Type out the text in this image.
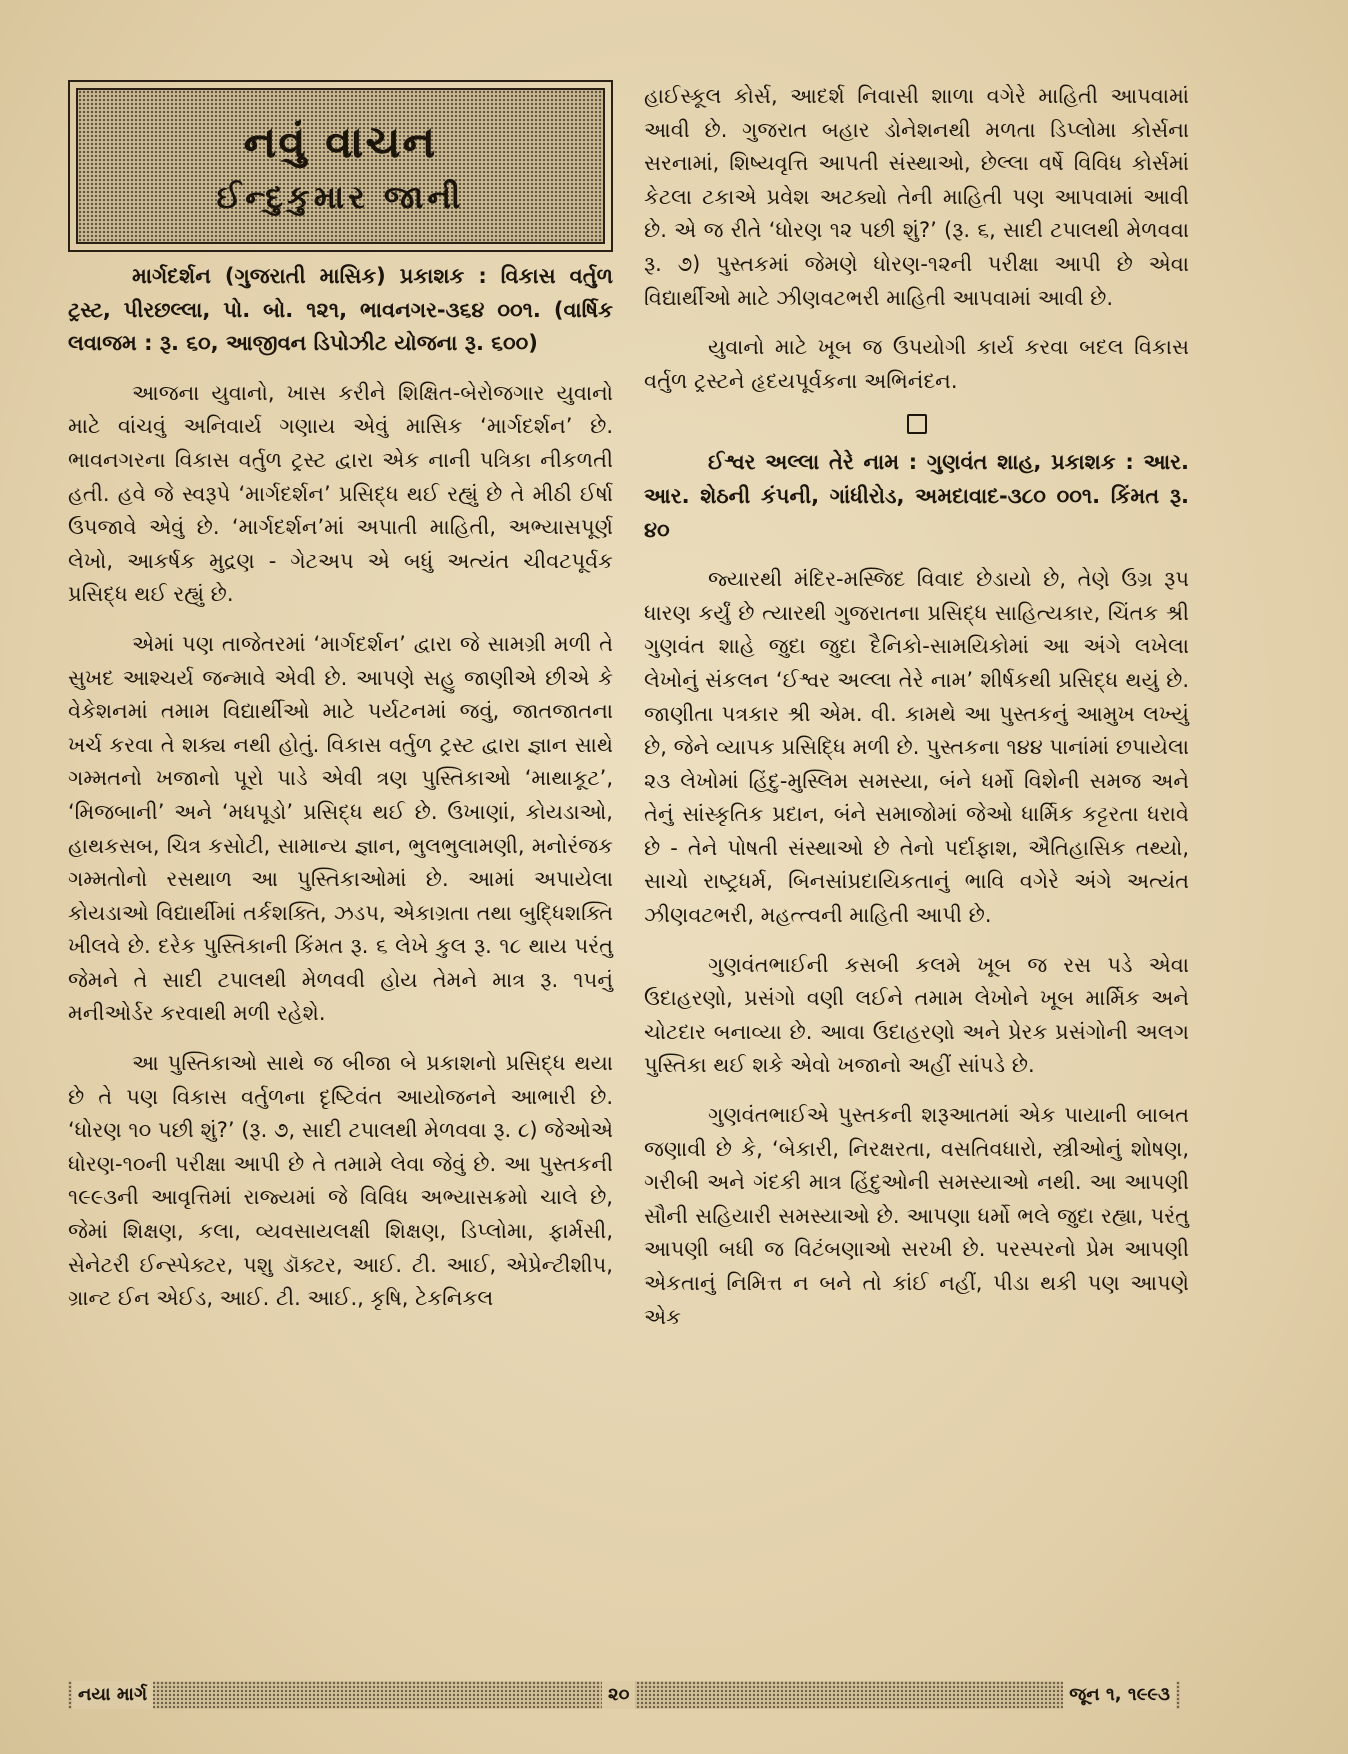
નવું વાચન
ઈન્દુકુમાર જાની

માર્ગદર્શન (ગુજરાતી માસિક) પ્રકાશક : વિકાસ વર્તુળ ટ્રસ્ટ, પીરછલ્લા, પો. બો. ૧૨૧, ભાવનગર-૩૬૪ ૦૦૧. (વાર્ષિક લવાજમ : રૂ. ૬૦, આજીવન ડિપોઝીટ યોજના રૂ. ૬૦૦)

આજના યુવાનો, ખાસ કરીને શિક્ષિત-બેરોજગાર યુવાનો માટે વાંચવું અનિવાર્ય ગણાય એવું માસિક ‘માર્ગદર્શન’ છે. ભાવનગરના વિકાસ વર્તુળ ટ્રસ્ટ દ્વારા એક નાની પત્રિકા નીકળતી હતી. હવે જે સ્વરૂપે ‘માર્ગદર્શન’ પ્રસિદ્ધ થઈ રહ્યું છે તે મીઠી ઈર્ષા ઉપજાવે એવું છે. ‘માર્ગદર્શન’માં અપાતી માહિતી, અભ્યાસપૂર્ણ લેખો, આકર્ષક મુદ્રણ - ગેટઅપ એ બધું અત્યંત ચીવટપૂર્વક પ્રસિદ્ધ થઈ રહ્યું છે.

એમાં પણ તાજેતરમાં ‘માર્ગદર્શન’ દ્વારા જે સામગ્રી મળી તે સુખદ આશ્ચર્ય જન્માવે એવી છે. આપણે સહુ જાણીએ છીએ કે વેકેશનમાં તમામ વિદ્યાર્થીઓ માટે પર્યટનમાં જવું, જાતજાતના ખર્ચ કરવા તે શક્ય નથી હોતું. વિકાસ વર્તુળ ટ્રસ્ટ દ્વારા જ્ઞાન સાથે ગમ્મતનો ખજાનો પૂરો પાડે એવી ત્રણ પુસ્તિકાઓ ‘માથાકૂટ’, ‘મિજબાની’ અને ‘મધપૂડો’ પ્રસિદ્ધ થઈ છે. ઉખાણાં, કોયડાઓ, હાથકસબ, ચિત્ર કસોટી, સામાન્ય જ્ઞાન, ભુલભુલામણી, મનોરંજક ગમ્મતોનો રસથાળ આ પુસ્તિકાઓમાં છે. આમાં અપાયેલા કોયડાઓ વિદ્યાર્થીમાં તર્કશક્તિ, ઝડપ, એકાગ્રતા તથા બુદ્ધિશક્તિ ખીલવે છે. દરેક પુસ્તિકાની કિંમત રૂ. ૬ લેખે કુલ રૂ. ૧૮ થાય પરંતુ જેમને તે સાદી ટપાલથી મેળવવી હોય તેમને માત્ર રૂ. ૧૫નું મનીઓર્ડર કરવાથી મળી રહેશે.

આ પુસ્તિકાઓ સાથે જ બીજા બે પ્રકાશનો પ્રસિદ્ધ થયા છે તે પણ વિકાસ વર્તુળના દૃષ્ટિવંત આયોજનને આભારી છે. ‘ધોરણ ૧૦ પછી શું?’ (રૂ. ૭, સાદી ટપાલથી મેળવવા રૂ. ૮) જેઓએ ધોરણ-૧૦ની પરીક્ષા આપી છે તે તમામે લેવા જેવું છે. આ પુસ્તકની ૧૯૯૩ની આવૃત્તિમાં રાજ્યમાં જે વિવિધ અભ્યાસક્રમો ચાલે છે, જેમાં શિક્ષણ, કલા, વ્યવસાયલક્ષી શિક્ષણ, ડિપ્લોમા, ફાર્મસી, સેનેટરી ઈન્સ્પેક્ટર, પશુ ડૉક્ટર, આઈ. ટી. આઈ, એપ્રેન્ટીશીપ, ગ્રાન્ટ ઈન એઈડ, આઈ. ટી. આઈ., કૃષિ, ટેકનિકલ

હાઈસ્કૂલ કોર્સ, આદર્શ નિવાસી શાળા વગેરે માહિતી આપવામાં આવી છે. ગુજરાત બહાર ડોનેશનથી મળતા ડિપ્લોમા કોર્સના સરનામાં, શિષ્યવૃત્તિ આપતી સંસ્થાઓ, છેલ્લા વર્ષે વિવિધ કોર્સમાં કેટલા ટકાએ પ્રવેશ અટક્યો તેની માહિતી પણ આપવામાં આવી છે. એ જ રીતે ‘ધોરણ ૧૨ પછી શું?’ (રૂ. ૬, સાદી ટપાલથી મેળવવા રૂ. ૭) પુસ્તકમાં જેમણે ધોરણ-૧૨ની પરીક્ષા આપી છે એવા વિદ્યાર્થીઓ માટે ઝીણવટભરી માહિતી આપવામાં આવી છે.

યુવાનો માટે ખૂબ જ ઉપયોગી કાર્ય કરવા બદલ વિકાસ વર્તુળ ટ્રસ્ટને હૃદયપૂર્વકના અભિનંદન.

ઈશ્વર અલ્લા તેરે નામ : ગુણવંત શાહ, પ્રકાશક : આર. આર. શેઠની કંપની, ગાંધીરોડ, અમદાવાદ-૩૮૦ ૦૦૧. કિંમત રૂ. ૪૦

જ્યારથી મંદિર-મસ્જિદ વિવાદ છેડાયો છે, તેણે ઉગ્ર રૂપ ધારણ કર્યું છે ત્યારથી ગુજરાતના પ્રસિદ્ધ સાહિત્યકાર, ચિંતક શ્રી ગુણવંત શાહે જુદા જુદા દૈનિકો-સામયિકોમાં આ અંગે લખેલા લેખોનું સંકલન ‘ઈશ્વર અલ્લા તેરે નામ’ શીર્ષકથી પ્રસિદ્ધ થયું છે. જાણીતા પત્રકાર શ્રી એમ. વી. કામથે આ પુસ્તકનું આમુખ લખ્યું છે, જેને વ્યાપક પ્રસિદ્ધિ મળી છે. પુસ્તકના ૧૪૪ પાનાંમાં છપાયેલા ૨૩ લેખોમાં હિંદુ-મુસ્લિમ સમસ્યા, બંને ધર્મો વિશેની સમજ અને તેનું સાંસ્કૃતિક પ્રદાન, બંને સમાજોમાં જેઓ ધાર્મિક કટ્ટરતા ધરાવે છે - તેને પોષતી સંસ્થાઓ છે તેનો પર્દાફાશ, ઐતિહાસિક તથ્યો, સાચો રાષ્ટ્રધર્મ, બિનસાંપ્રદાયિકતાનું ભાવિ વગેરે અંગે અત્યંત ઝીણવટભરી, મહત્ત્વની માહિતી આપી છે.

ગુણવંતભાઈની કસબી કલમે ખૂબ જ રસ પડે એવા ઉદાહરણો, પ્રસંગો વણી લઈને તમામ લેખોને ખૂબ માર્મિક અને ચોટદાર બનાવ્યા છે. આવા ઉદાહરણો અને પ્રેરક પ્રસંગોની અલગ પુસ્તિકા થઈ શકે એવો ખજાનો અહીં સાંપડે છે.

ગુણવંતભાઈએ પુસ્તકની શરૂઆતમાં એક પાયાની બાબત જણાવી છે કે, ‘બેકારી, નિરક્ષરતા, વસતિવધારો, સ્ત્રીઓનું શોષણ, ગરીબી અને ગંદકી માત્ર હિંદુઓની સમસ્યાઓ નથી. આ આપણી સૌની સહિયારી સમસ્યાઓ છે. આપણા ધર્મો ભલે જુદા રહ્યા, પરંતુ આપણી બધી જ વિટંબણાઓ સરખી છે. પરસ્પરનો પ્રેમ આપણી એકતાનું નિમિત્ત ન બને તો કાંઈ નહીં, પીડા થકી પણ આપણે એક

નયા માર્ગ	૨૦	જૂન ૧, ૧૯૯૩
